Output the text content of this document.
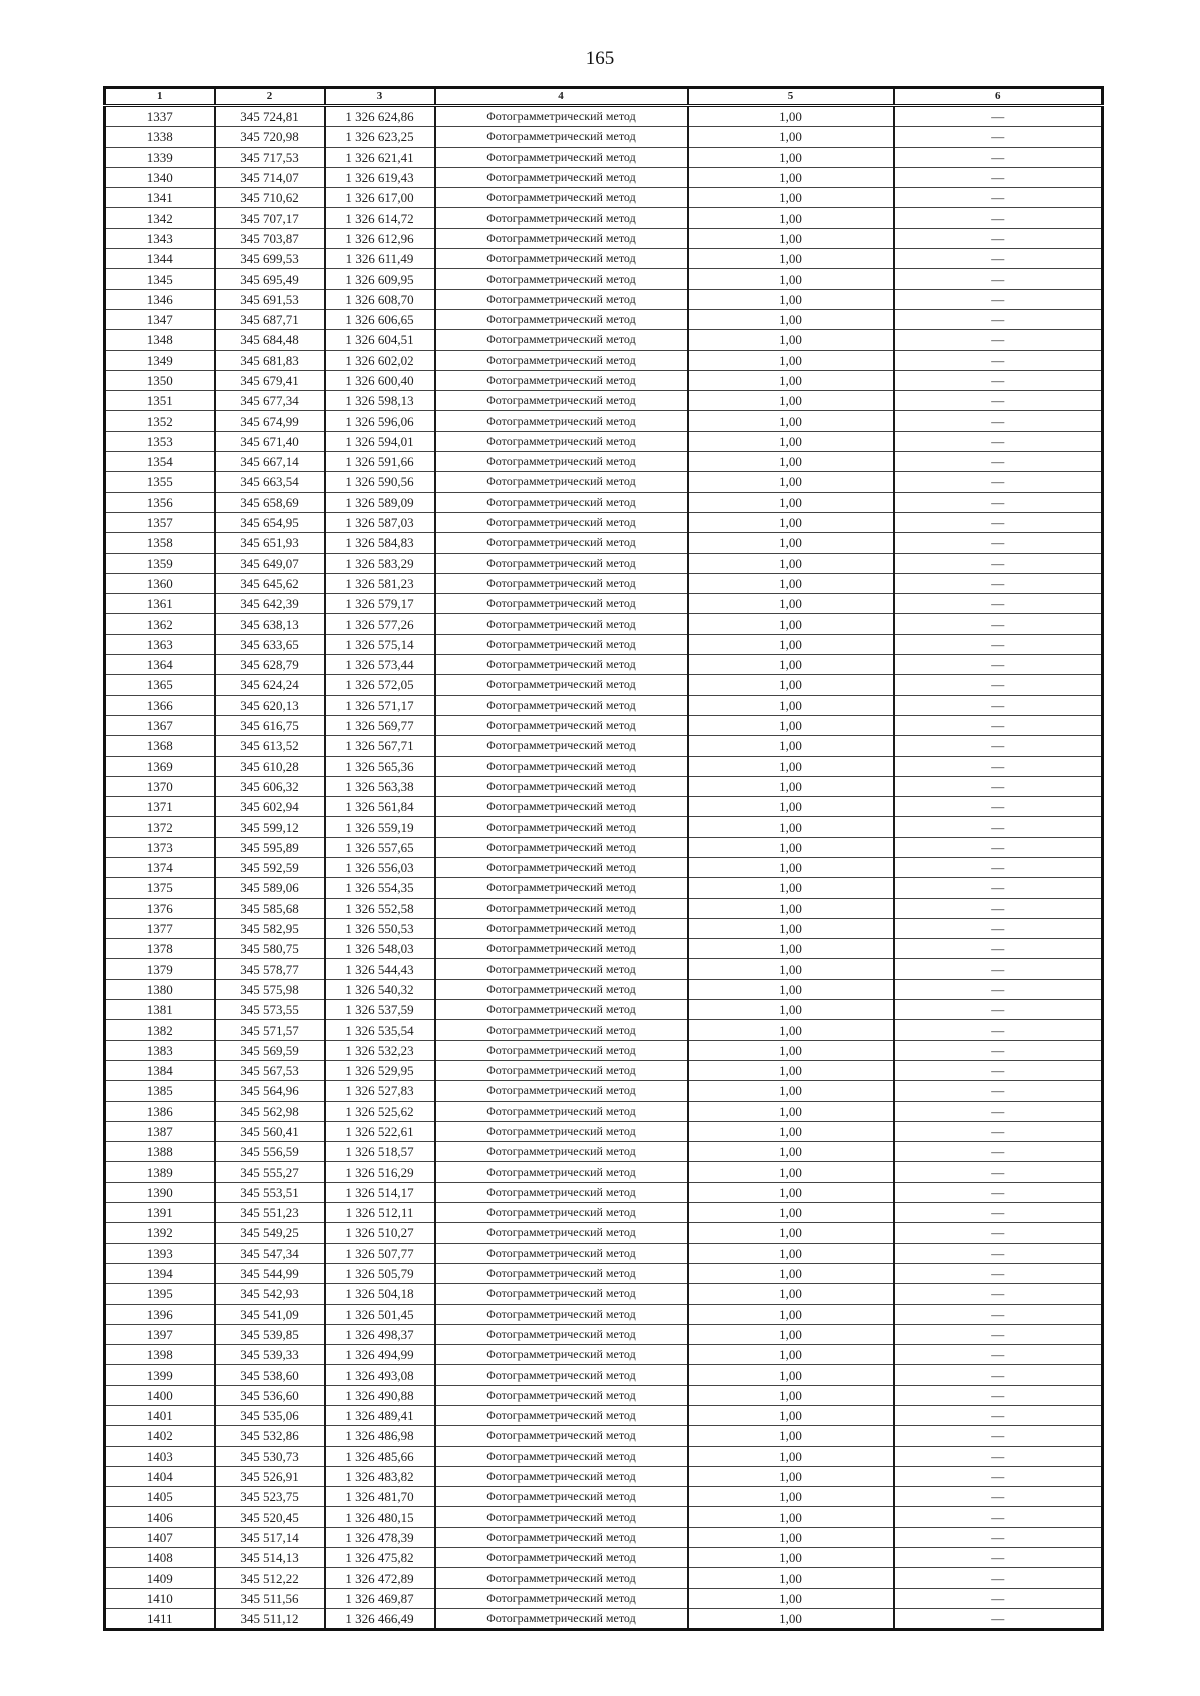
165
1	2	3	4	5	6
1337	345 724,81	1 326 624,86	Фотограмметрический метод	1,00	—
1338	345 720,98	1 326 623,25	Фотограмметрический метод	1,00	—
1339	345 717,53	1 326 621,41	Фотограмметрический метод	1,00	—
1340	345 714,07	1 326 619,43	Фотограмметрический метод	1,00	—
1341	345 710,62	1 326 617,00	Фотограмметрический метод	1,00	—
1342	345 707,17	1 326 614,72	Фотограмметрический метод	1,00	—
1343	345 703,87	1 326 612,96	Фотограмметрический метод	1,00	—
1344	345 699,53	1 326 611,49	Фотограмметрический метод	1,00	—
1345	345 695,49	1 326 609,95	Фотограмметрический метод	1,00	—
1346	345 691,53	1 326 608,70	Фотограмметрический метод	1,00	—
1347	345 687,71	1 326 606,65	Фотограмметрический метод	1,00	—
1348	345 684,48	1 326 604,51	Фотограмметрический метод	1,00	—
1349	345 681,83	1 326 602,02	Фотограмметрический метод	1,00	—
1350	345 679,41	1 326 600,40	Фотограмметрический метод	1,00	—
1351	345 677,34	1 326 598,13	Фотограмметрический метод	1,00	—
1352	345 674,99	1 326 596,06	Фотограмметрический метод	1,00	—
1353	345 671,40	1 326 594,01	Фотограмметрический метод	1,00	—
1354	345 667,14	1 326 591,66	Фотограмметрический метод	1,00	—
1355	345 663,54	1 326 590,56	Фотограмметрический метод	1,00	—
1356	345 658,69	1 326 589,09	Фотограмметрический метод	1,00	—
1357	345 654,95	1 326 587,03	Фотограмметрический метод	1,00	—
1358	345 651,93	1 326 584,83	Фотограмметрический метод	1,00	—
1359	345 649,07	1 326 583,29	Фотограмметрический метод	1,00	—
1360	345 645,62	1 326 581,23	Фотограмметрический метод	1,00	—
1361	345 642,39	1 326 579,17	Фотограмметрический метод	1,00	—
1362	345 638,13	1 326 577,26	Фотограмметрический метод	1,00	—
1363	345 633,65	1 326 575,14	Фотограмметрический метод	1,00	—
1364	345 628,79	1 326 573,44	Фотограмметрический метод	1,00	—
1365	345 624,24	1 326 572,05	Фотограмметрический метод	1,00	—
1366	345 620,13	1 326 571,17	Фотограмметрический метод	1,00	—
1367	345 616,75	1 326 569,77	Фотограмметрический метод	1,00	—
1368	345 613,52	1 326 567,71	Фотограмметрический метод	1,00	—
1369	345 610,28	1 326 565,36	Фотограмметрический метод	1,00	—
1370	345 606,32	1 326 563,38	Фотограмметрический метод	1,00	—
1371	345 602,94	1 326 561,84	Фотограмметрический метод	1,00	—
1372	345 599,12	1 326 559,19	Фотограмметрический метод	1,00	—
1373	345 595,89	1 326 557,65	Фотограмметрический метод	1,00	—
1374	345 592,59	1 326 556,03	Фотограмметрический метод	1,00	—
1375	345 589,06	1 326 554,35	Фотограмметрический метод	1,00	—
1376	345 585,68	1 326 552,58	Фотограмметрический метод	1,00	—
1377	345 582,95	1 326 550,53	Фотограмметрический метод	1,00	—
1378	345 580,75	1 326 548,03	Фотограмметрический метод	1,00	—
1379	345 578,77	1 326 544,43	Фотограмметрический метод	1,00	—
1380	345 575,98	1 326 540,32	Фотограмметрический метод	1,00	—
1381	345 573,55	1 326 537,59	Фотограмметрический метод	1,00	—
1382	345 571,57	1 326 535,54	Фотограмметрический метод	1,00	—
1383	345 569,59	1 326 532,23	Фотограмметрический метод	1,00	—
1384	345 567,53	1 326 529,95	Фотограмметрический метод	1,00	—
1385	345 564,96	1 326 527,83	Фотограмметрический метод	1,00	—
1386	345 562,98	1 326 525,62	Фотограмметрический метод	1,00	—
1387	345 560,41	1 326 522,61	Фотограмметрический метод	1,00	—
1388	345 556,59	1 326 518,57	Фотограмметрический метод	1,00	—
1389	345 555,27	1 326 516,29	Фотограмметрический метод	1,00	—
1390	345 553,51	1 326 514,17	Фотограмметрический метод	1,00	—
1391	345 551,23	1 326 512,11	Фотограмметрический метод	1,00	—
1392	345 549,25	1 326 510,27	Фотограмметрический метод	1,00	—
1393	345 547,34	1 326 507,77	Фотограмметрический метод	1,00	—
1394	345 544,99	1 326 505,79	Фотограмметрический метод	1,00	—
1395	345 542,93	1 326 504,18	Фотограмметрический метод	1,00	—
1396	345 541,09	1 326 501,45	Фотограмметрический метод	1,00	—
1397	345 539,85	1 326 498,37	Фотограмметрический метод	1,00	—
1398	345 539,33	1 326 494,99	Фотограмметрический метод	1,00	—
1399	345 538,60	1 326 493,08	Фотограмметрический метод	1,00	—
1400	345 536,60	1 326 490,88	Фотограмметрический метод	1,00	—
1401	345 535,06	1 326 489,41	Фотограмметрический метод	1,00	—
1402	345 532,86	1 326 486,98	Фотограмметрический метод	1,00	—
1403	345 530,73	1 326 485,66	Фотограмметрический метод	1,00	—
1404	345 526,91	1 326 483,82	Фотограмметрический метод	1,00	—
1405	345 523,75	1 326 481,70	Фотограмметрический метод	1,00	—
1406	345 520,45	1 326 480,15	Фотограмметрический метод	1,00	—
1407	345 517,14	1 326 478,39	Фотограмметрический метод	1,00	—
1408	345 514,13	1 326 475,82	Фотограмметрический метод	1,00	—
1409	345 512,22	1 326 472,89	Фотограмметрический метод	1,00	—
1410	345 511,56	1 326 469,87	Фотограмметрический метод	1,00	—
1411	345 511,12	1 326 466,49	Фотограмметрический метод	1,00	—
